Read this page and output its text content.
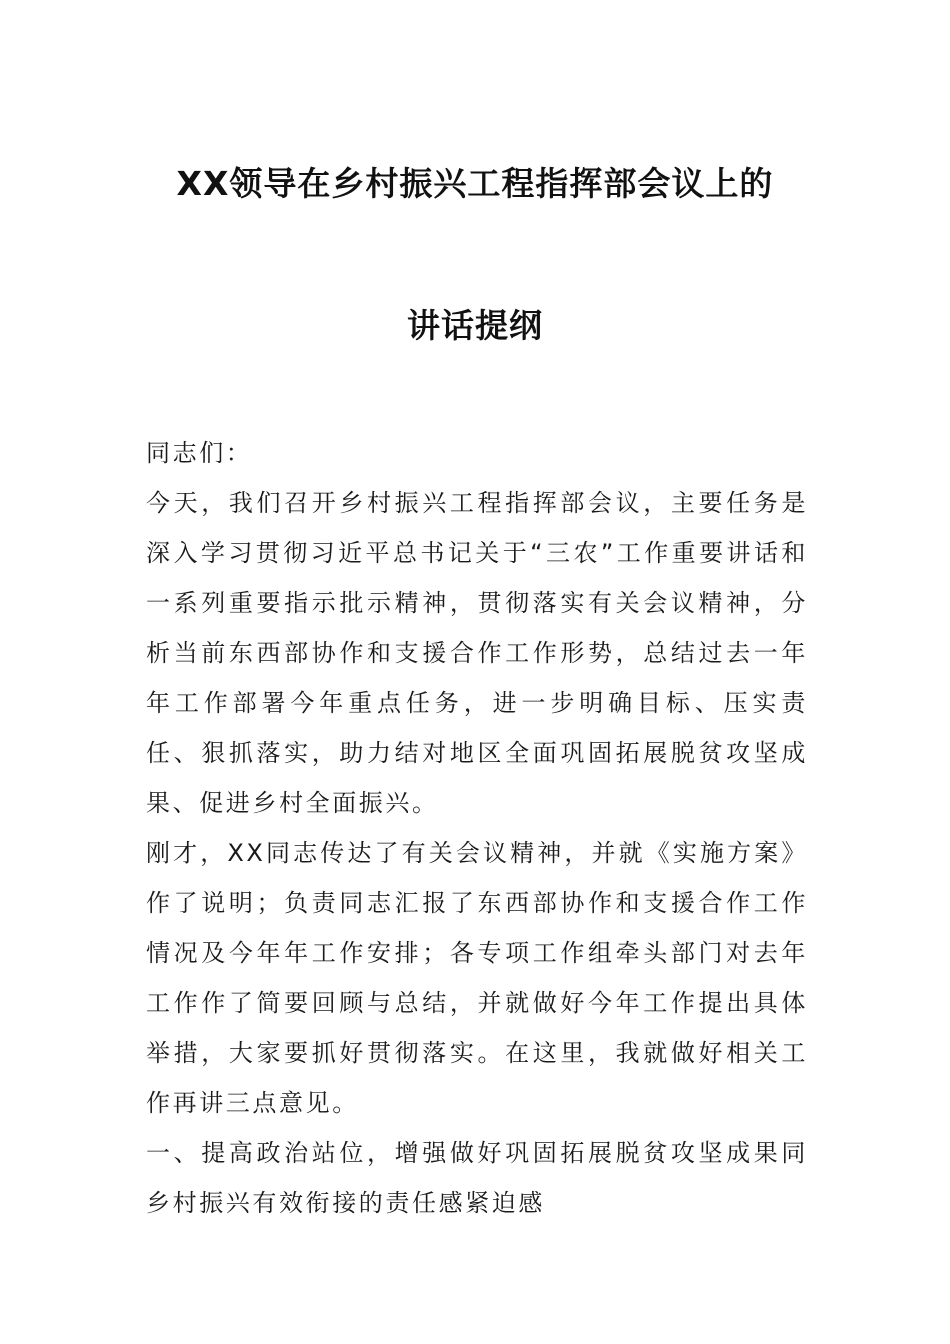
XX领导在乡村振兴工程指挥部会议上的
讲话提纲

同志们：

今天，我们召开乡村振兴工程指挥部会议，主要任务是深入学习贯彻习近平总书记关于“三农”工作重要讲话和一系列重要指示批示精神，贯彻落实有关会议精神，分析当前东西部协作和支援合作工作形势，总结过去一年年工作部署今年重点任务，进一步明确目标、压实责任、狠抓落实，助力结对地区全面巩固拓展脱贫攻坚成果、促进乡村全面振兴。

刚才，XX同志传达了有关会议精神，并就《实施方案》作了说明；负责同志汇报了东西部协作和支援合作工作情况及今年年工作安排；各专项工作组牵头部门对去年工作作了简要回顾与总结，并就做好今年工作提出具体举措，大家要抓好贯彻落实。在这里，我就做好相关工作再讲三点意见。

一、提高政治站位，增强做好巩固拓展脱贫攻坚成果同乡村振兴有效衔接的责任感紧迫感
